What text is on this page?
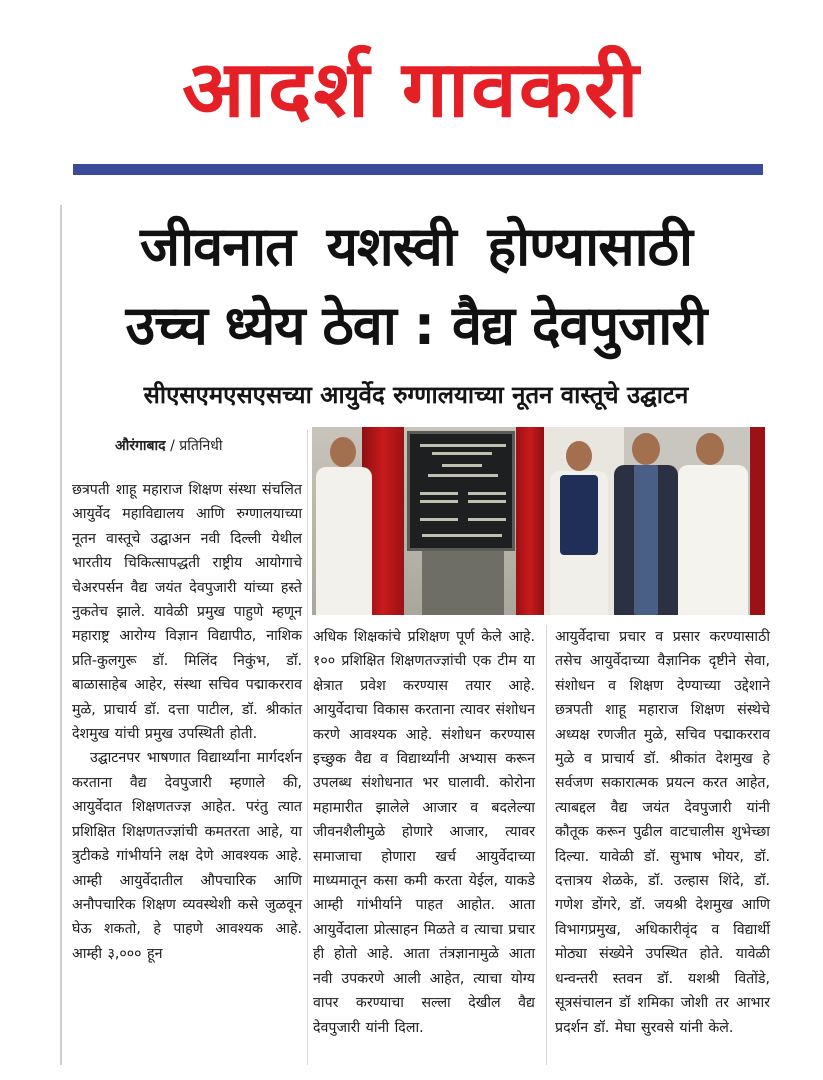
आदर्श गावकरी
जीवनात यशस्वी होण्यासाठी
उच्च ध्येय ठेवा : वैद्य देवपुजारी
सीएसएमएसएसच्या आयुर्वेद रुग्णालयाच्या नूतन वास्तूचे उद्घाटन
औरंगाबाद / प्रतिनिधी

छत्रपती शाहू महाराज शिक्षण संस्था संचलित आयुर्वेद महाविद्यालय आणि रुग्णालयाच्या नूतन वास्तूचे उद्घाअन नवी दिल्ली येथील भारतीय चिकित्सापद्धती राष्ट्रीय आयोगाचे चेअरपर्सन वैद्य जयंत देवपुजारी यांच्या हस्ते नुकतेच झाले. यावेळी प्रमुख पाहुणे म्हणून महाराष्ट्र आरोग्य विज्ञान विद्यापीठ, नाशिक प्रति-कुलगुरू डॉ. मिलिंद निकुंभ, डॉ. बाळासाहेब आहेर, संस्था सचिव पद्माकरराव मुळे, प्राचार्य डॉ. दत्ता पाटील, डॉ. श्रीकांत देशमुख यांची प्रमुख उपस्थिती होती.

उद्घाटनपर भाषणात विद्यार्थ्यांना मार्गदर्शन करताना वैद्य देवपुजारी म्हणाले की, आयुर्वेदात शिक्षणतज्ज्ञ आहेत. परंतु त्यात प्रशिक्षित शिक्षणतज्ज्ञांची कमतरता आहे, या त्रुटीकडे गांभीर्याने लक्ष देणे आवश्यक आहे. आम्ही आयुर्वेदातील औपचारिक आणि अनौपचारिक शिक्षण व्यवस्थेशी कसे जुळवून घेऊ शकतो, हे पाहणे आवश्यक आहे. आम्ही ३,००० हून

अधिक शिक्षकांचे प्रशिक्षण पूर्ण केले आहे. १०० प्रशिक्षित शिक्षणतज्ज्ञांची एक टीम या क्षेत्रात प्रवेश करण्यास तयार आहे. आयुर्वेदाचा विकास करताना त्यावर संशोधन करणे आवश्यक आहे. संशोधन करण्यास इच्छुक वैद्य व विद्यार्थ्यांनी अभ्यास करून उपलब्ध संशोधनात भर घालावी. कोरोना महामारीत झालेले आजार व बदलेल्या जीवनशैलीमुळे होणारे आजार, त्यावर समाजाचा होणारा खर्च आयुर्वेदाच्या माध्यमातून कसा कमी करता येईल, याकडे आम्ही गांभीर्याने पाहत आहोत. आता आयुर्वेदाला प्रोत्साहन मिळते व त्याचा प्रचार ही होतो आहे. आता तंत्रज्ञानामुळे आता नवी उपकरणे आली आहेत, त्याचा योग्य वापर करण्याचा सल्ला देखील वैद्य देवपुजारी यांनी दिला.

आयुर्वेदाचा प्रचार व प्रसार करण्यासाठी तसेच आयुर्वेदाच्या वैज्ञानिक दृष्टीने सेवा, संशोधन व शिक्षण देण्याच्या उद्देशाने छत्रपती शाहू महाराज शिक्षण संस्थेचे अध्यक्ष रणजीत मुळे, सचिव पद्माकरराव मुळे व प्राचार्य डॉ. श्रीकांत देशमुख हे सर्वजण सकारात्मक प्रयत्न करत आहेत, त्याबद्दल वैद्य जयंत देवपुजारी यांनी कौतूक करून पुढील वाटचालीस शुभेच्छा दिल्या. यावेळी डॉ. सुभाष भोयर, डॉ. दत्तात्रय शेळके, डॉ. उल्हास शिंदे, डॉ. गणेश डोंगरे, डॉ. जयश्री देशमुख आणि विभागप्रमुख, अधिकारीवृंद व विद्यार्थी मोठ्या संख्येने उपस्थित होते. यावेळी धन्वन्तरी स्तवन डॉ. यशश्री वितोंडे, सूत्रसंचालन डॉ शमिका जोशी तर आभार प्रदर्शन डॉ. मेघा सुरवसे यांनी केले.
